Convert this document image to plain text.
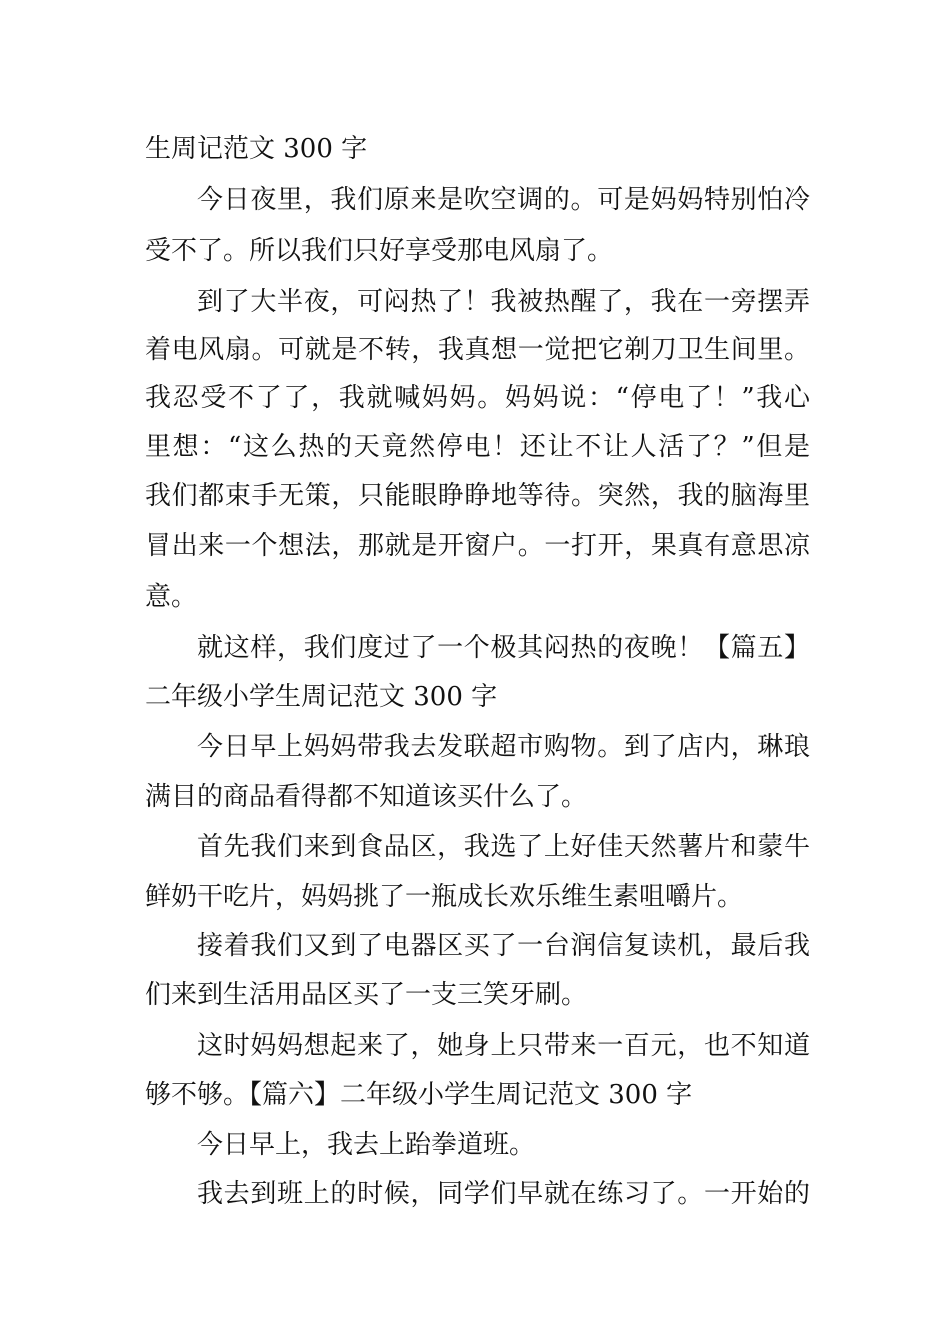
生周记范文 300 字
今日夜里，我们原来是吹空调的。可是妈妈特别怕冷
受不了。所以我们只好享受那电风扇了。
到了大半夜，可闷热了！我被热醒了，我在一旁摆弄
着电风扇。可就是不转，我真想一觉把它剃刀卫生间里。
我忍受不了了，我就喊妈妈。妈妈说：“停电了！”我心
里想：“这么热的天竟然停电！还让不让人活了？”但是
我们都束手无策，只能眼睁睁地等待。突然，我的脑海里
冒出来一个想法，那就是开窗户。一打开，果真有意思凉
意。
就这样，我们度过了一个极其闷热的夜晚！【篇五】
二年级小学生周记范文 300 字
今日早上妈妈带我去发联超市购物。到了店内，琳琅
满目的商品看得都不知道该买什么了。
首先我们来到食品区，我选了上好佳天然薯片和蒙牛
鲜奶干吃片，妈妈挑了一瓶成长欢乐维生素咀嚼片。
接着我们又到了电器区买了一台润信复读机，最后我
们来到生活用品区买了一支三笑牙刷。
这时妈妈想起来了，她身上只带来一百元，也不知道
够不够。【篇六】二年级小学生周记范文 300 字
今日早上，我去上跆拳道班。
我去到班上的时候，同学们早就在练习了。一开始的
